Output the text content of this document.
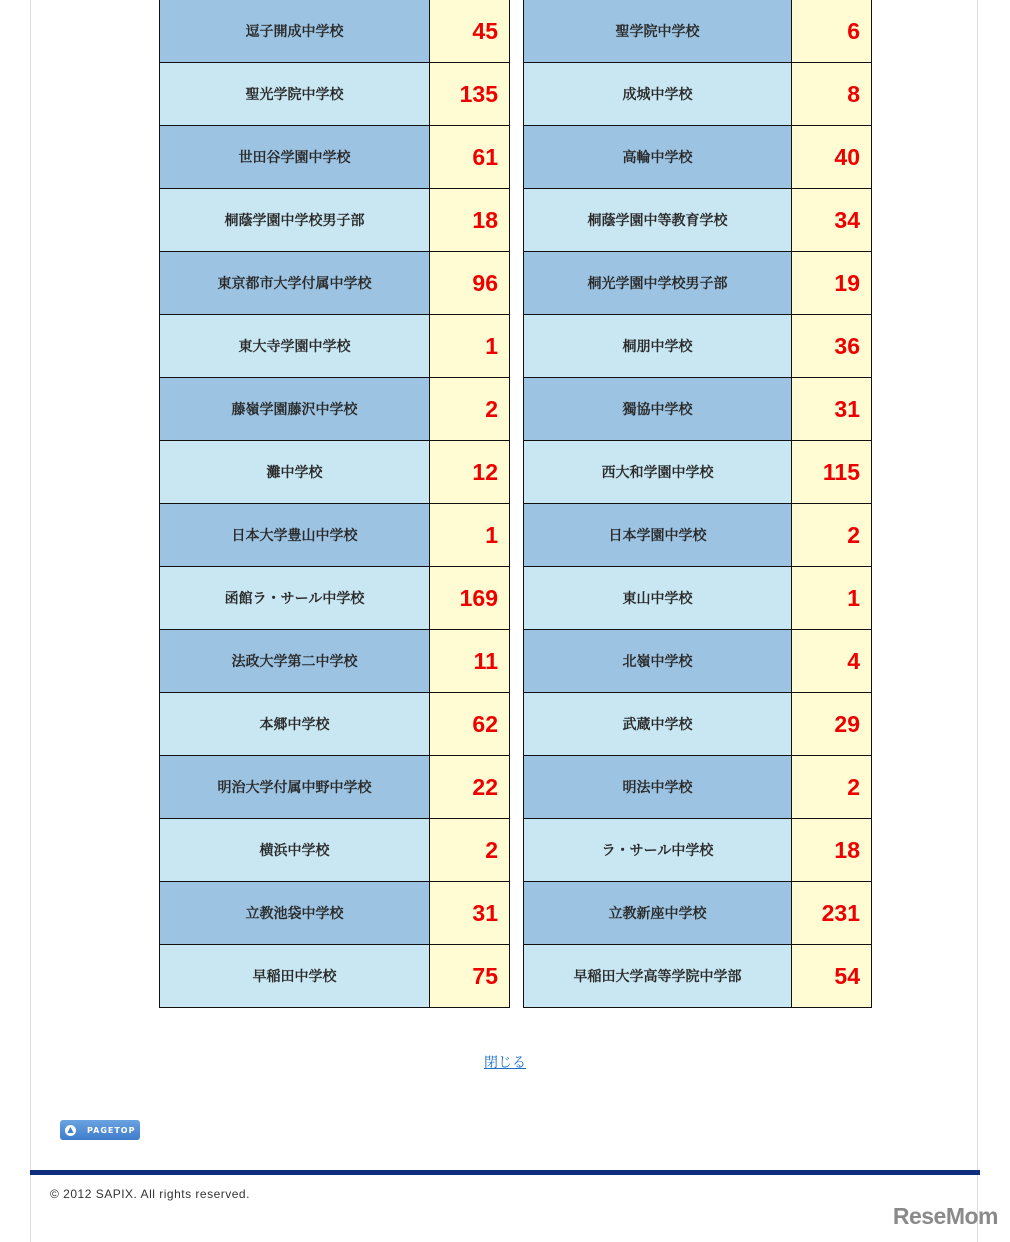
逗子開成中学校	45
聖光学院中学校	135
世田谷学園中学校	61
桐蔭学園中学校男子部	18
東京都市大学付属中学校	96
東大寺学園中学校	1
藤嶺学園藤沢中学校	2
灘中学校	12
日本大学豊山中学校	1
函館ラ・サール中学校	169
法政大学第二中学校	11
本郷中学校	62
明治大学付属中野中学校	22
横浜中学校	2
立教池袋中学校	31
早稲田中学校	75
聖学院中学校	6
成城中学校	8
高輪中学校	40
桐蔭学園中等教育学校	34
桐光学園中学校男子部	19
桐朋中学校	36
獨協中学校	31
西大和学園中学校	115
日本学園中学校	2
東山中学校	1
北嶺中学校	4
武蔵中学校	29
明法中学校	2
ラ・サール中学校	18
立教新座中学校	231
早稲田大学高等学院中学部	54
閉じる
▲	PAGETOP
© 2012 SAPIX. All rights reserved.
ReseMom
